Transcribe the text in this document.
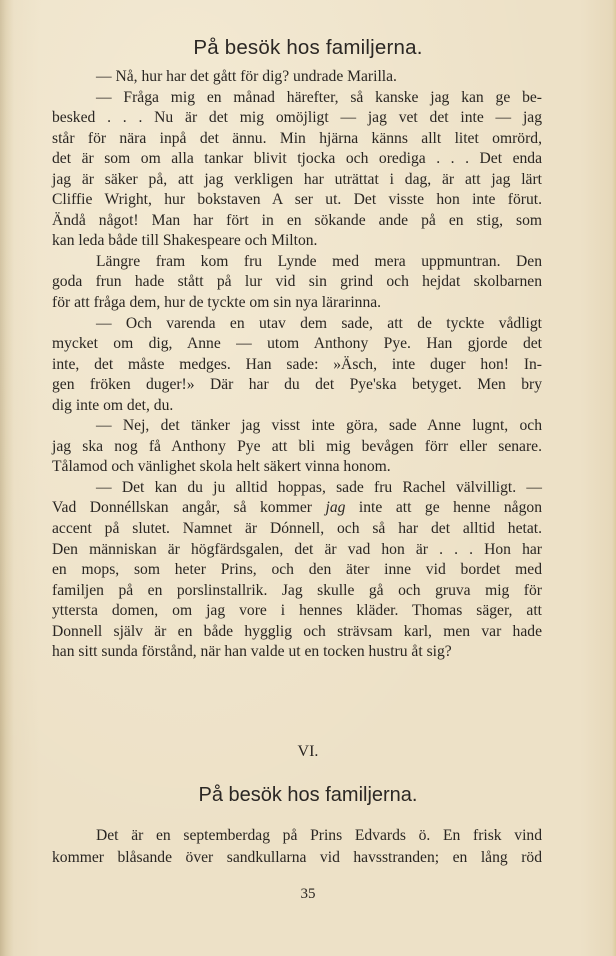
På besök hos familjerna.
— Nå, hur har det gått för dig? undrade Marilla.
— Fråga mig en månad härefter, så kanske jag kan ge be-
besked . . . Nu är det mig omöjligt — jag vet det inte — jag
står för nära inpå det ännu. Min hjärna känns allt litet omrörd,
det är som om alla tankar blivit tjocka och orediga . . . Det enda
jag är säker på, att jag verkligen har uträttat i dag, är att jag lärt
Cliffie Wright, hur bokstaven A ser ut. Det visste hon inte förut.
Ändå något! Man har fört in en sökande ande på en stig, som
kan leda både till Shakespeare och Milton.
Längre fram kom fru Lynde med mera uppmuntran. Den
goda frun hade stått på lur vid sin grind och hejdat skolbarnen
för att fråga dem, hur de tyckte om sin nya lärarinna.
— Och varenda en utav dem sade, att de tyckte vådligt
mycket om dig, Anne — utom Anthony Pye. Han gjorde det
inte, det måste medges. Han sade: »Äsch, inte duger hon! In-
gen fröken duger!» Där har du det Pye'ska betyget. Men bry
dig inte om det, du.
— Nej, det tänker jag visst inte göra, sade Anne lugnt, och
jag ska nog få Anthony Pye att bli mig bevågen förr eller senare.
Tålamod och vänlighet skola helt säkert vinna honom.
— Det kan du ju alltid hoppas, sade fru Rachel välvilligt. —
Vad Donnéllskan angår, så kommer jag inte att ge henne någon
accent på slutet. Namnet är Dónnell, och så har det alltid hetat.
Den människan är högfärdsgalen, det är vad hon är . . . Hon har
en mops, som heter Prins, och den äter inne vid bordet med
familjen på en porslinstallrik. Jag skulle gå och gruva mig för
yttersta domen, om jag vore i hennes kläder. Thomas säger, att
Donnell själv är en både hygglig och strävsam karl, men var hade
han sitt sunda förstånd, när han valde ut en tocken hustru åt sig?
VI.
På besök hos familjerna.
Det är en septemberdag på Prins Edvards ö. En frisk vind
kommer blåsande över sandkullarna vid havsstranden; en lång röd
35
